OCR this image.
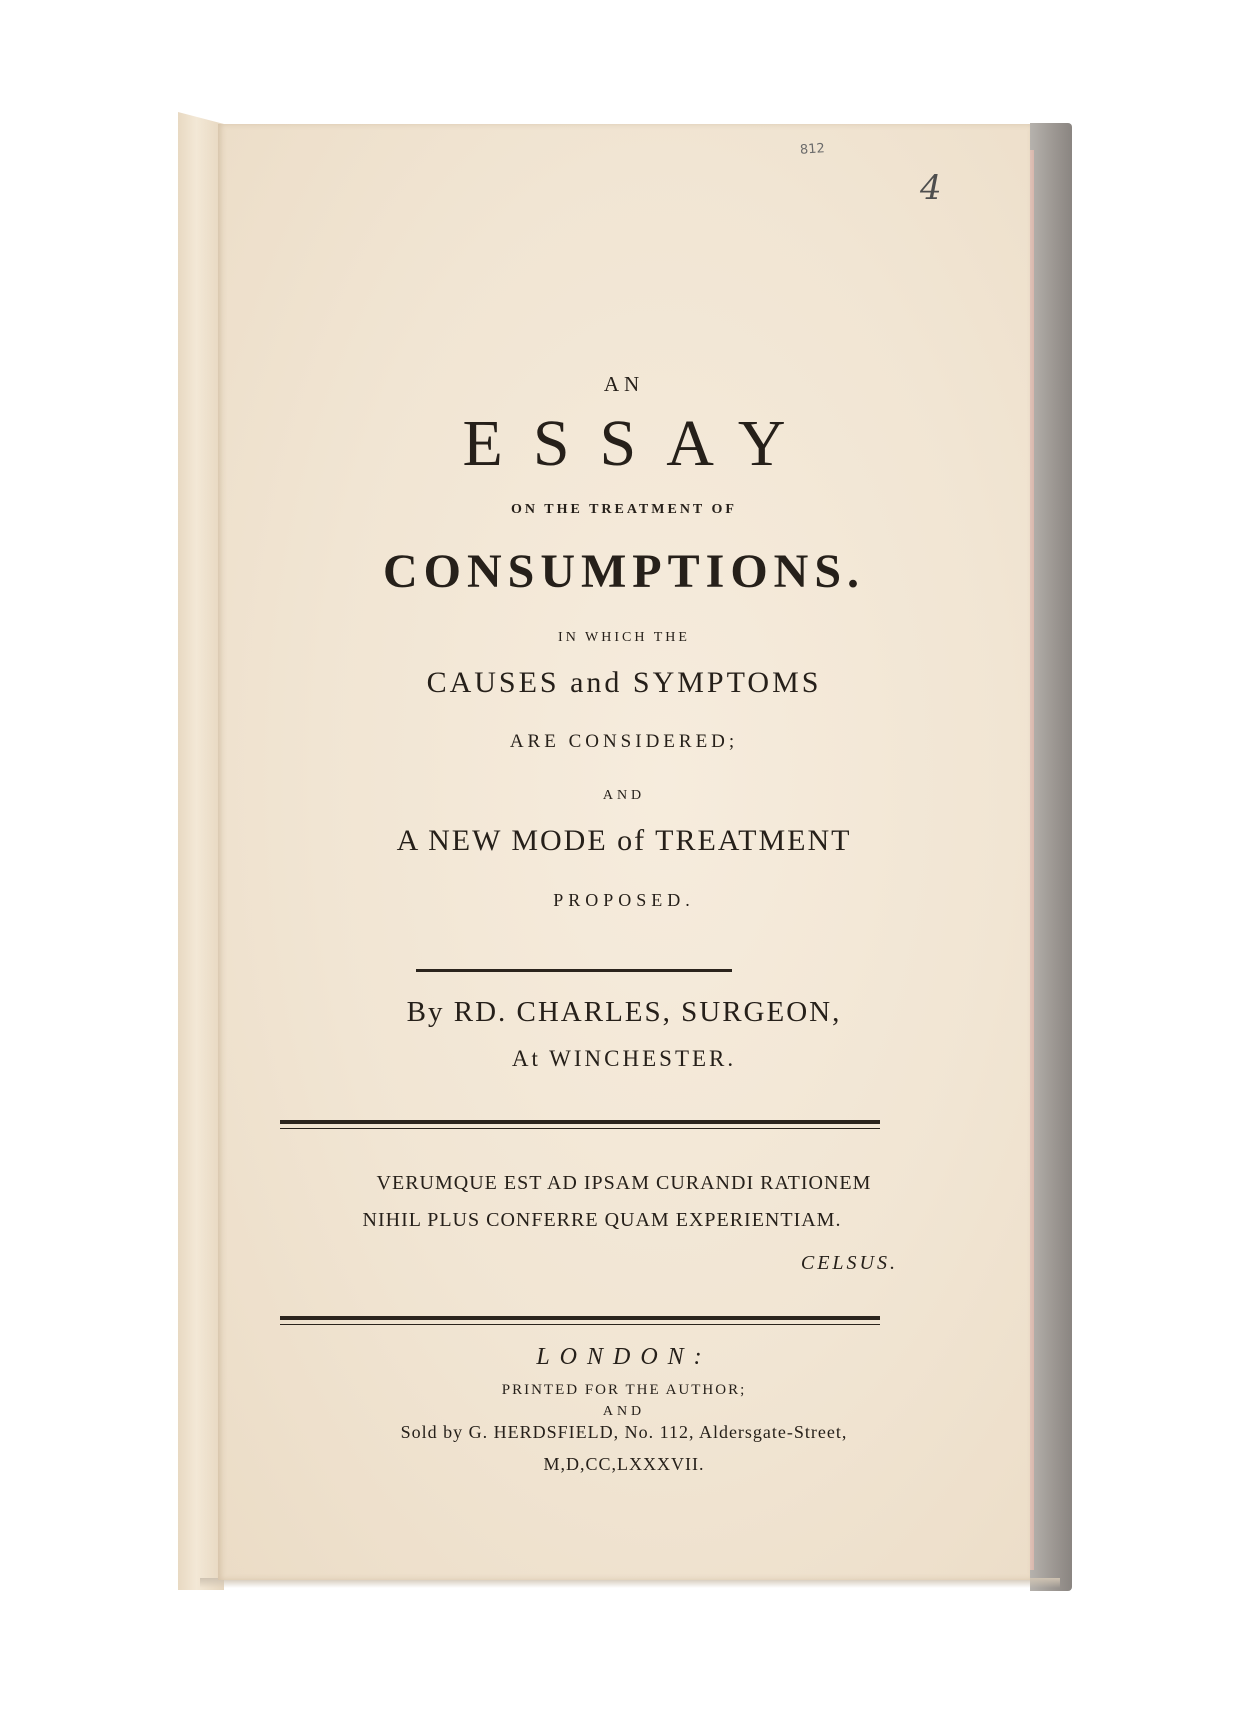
812
4
AN
ESSAY
ON THE TREATMENT OF
CONSUMPTIONS.
IN WHICH THE
CAUSES and SYMPTOMS
ARE CONSIDERED;
AND
A NEW MODE of TREATMENT
PROPOSED.
By RD. CHARLES, SURGEON,
At WINCHESTER.
VERUMQUE EST AD IPSAM CURANDI RATIONEM
NIHIL PLUS CONFERRE QUAM EXPERIENTIAM.
CELSUS.
LONDON:
PRINTED FOR THE AUTHOR;
AND
Sold by G. HERDSFIELD, No. 112, Aldersgate-Street,
M,D,CC,LXXXVII.
